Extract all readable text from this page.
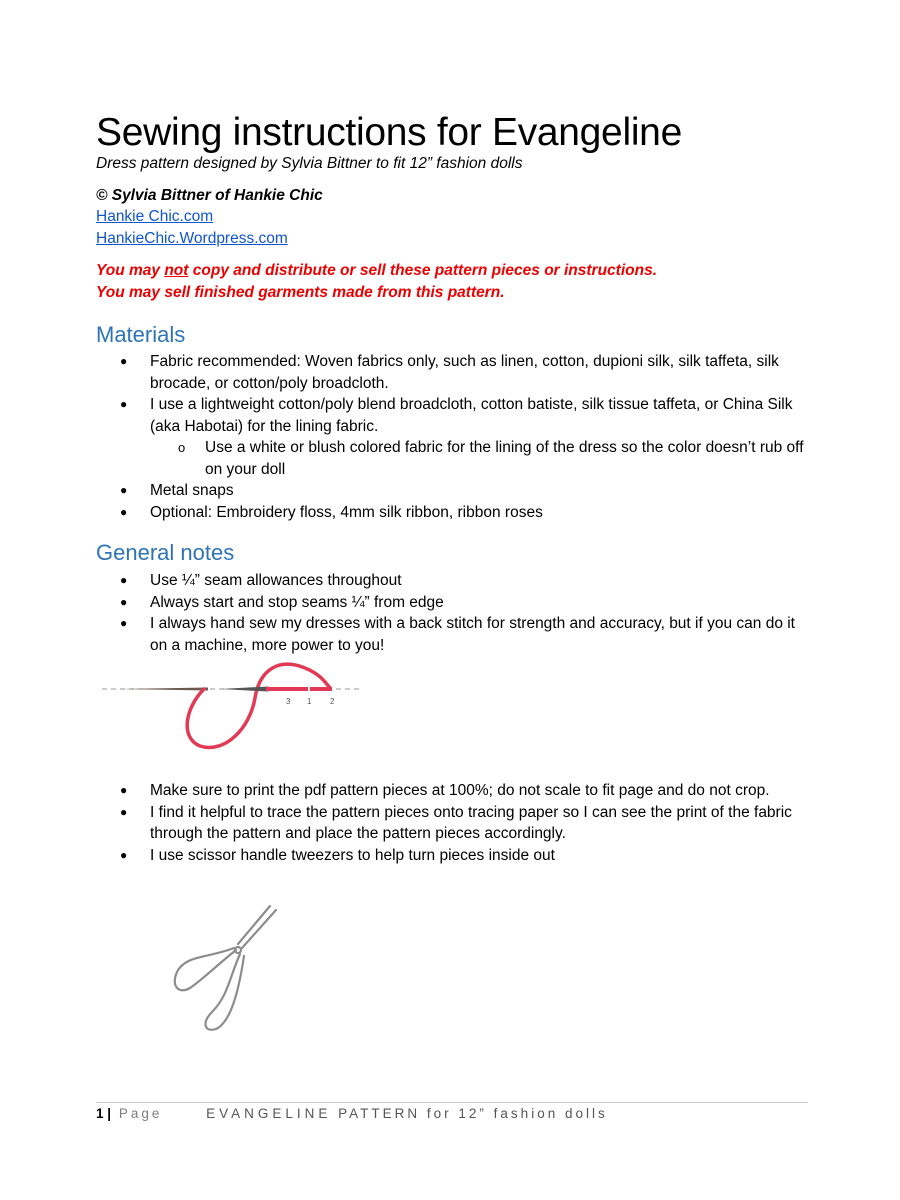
Sewing instructions for Evangeline
Dress pattern designed by Sylvia Bittner to fit 12” fashion dolls
© Sylvia Bittner of Hankie Chic
Hankie Chic.com
HankieChic.Wordpress.com
You may not copy and distribute or sell these pattern pieces or instructions.
You may sell finished garments made from this pattern.
Materials
● Fabric recommended: Woven fabrics only, such as linen, cotton, dupioni silk, silk taffeta, silk brocade, or cotton/poly broadcloth.
● I use a lightweight cotton/poly blend broadcloth, cotton batiste, silk tissue taffeta, or China Silk (aka Habotai) for the lining fabric.
o Use a white or blush colored fabric for the lining of the dress so the color doesn’t rub off on your doll
● Metal snaps
● Optional: Embroidery floss, 4mm silk ribbon, ribbon roses
General notes
● Use ¼” seam allowances throughout
● Always start and stop seams ¼” from edge
● I always hand sew my dresses with a back stitch for strength and accuracy, but if you can do it on a machine, more power to you!
● Make sure to print the pdf pattern pieces at 100%; do not scale to fit page and do not crop.
● I find it helpful to trace the pattern pieces onto tracing paper so I can see the print of the fabric through the pattern and place the pattern pieces accordingly.
● I use scissor handle tweezers to help turn pieces inside out
3 1 2
1 | Page	EVANGELINE PATTERN for 12” fashion dolls
